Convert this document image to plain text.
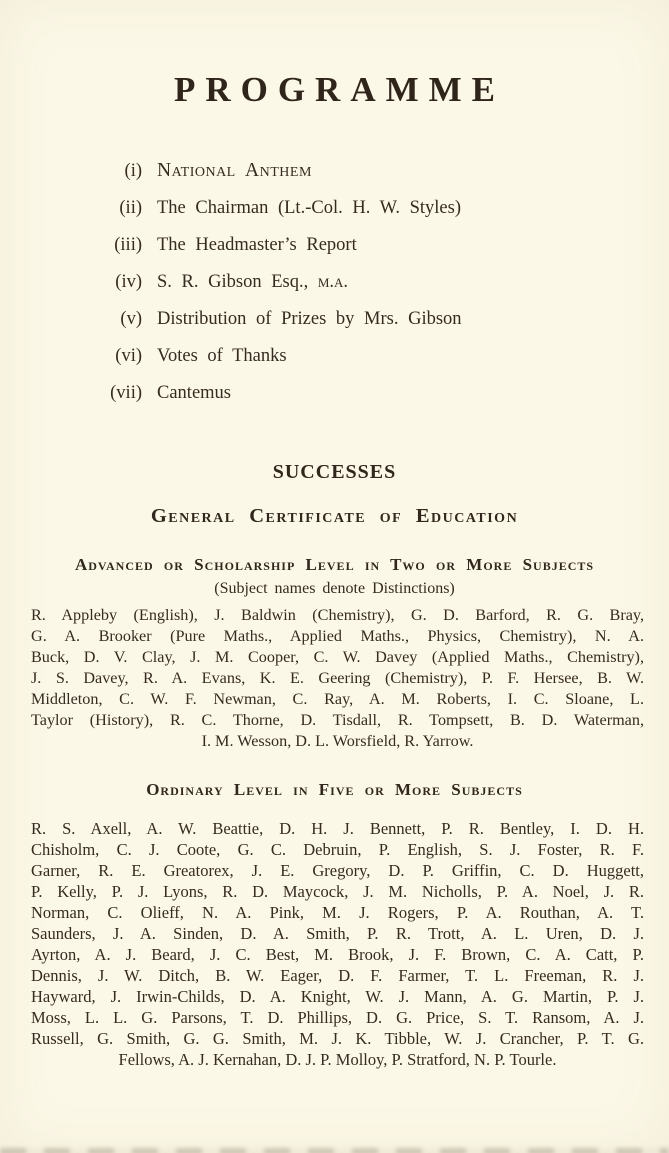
PROGRAMME
(i) National Anthem
(ii) The Chairman (Lt.-Col. H. W. Styles)
(iii) The Headmaster’s Report
(iv) S. R. Gibson Esq., m.a.
(v) Distribution of Prizes by Mrs. Gibson
(vi) Votes of Thanks
(vii) Cantemus
SUCCESSES
General Certificate of Education
Advanced or Scholarship Level in Two or More Subjects
(Subject names denote Distinctions)
R. Appleby (English), J. Baldwin (Chemistry), G. D. Barford, R. G. Bray,
G. A. Brooker (Pure Maths., Applied Maths., Physics, Chemistry), N. A.
Buck, D. V. Clay, J. M. Cooper, C. W. Davey (Applied Maths., Chemistry),
J. S. Davey, R. A. Evans, K. E. Geering (Chemistry), P. F. Hersee, B. W.
Middleton, C. W. F. Newman, C. Ray, A. M. Roberts, I. C. Sloane, L.
Taylor (History), R. C. Thorne, D. Tisdall, R. Tompsett, B. D. Waterman,
I. M. Wesson, D. L. Worsfield, R. Yarrow.
Ordinary Level in Five or More Subjects
R. S. Axell, A. W. Beattie, D. H. J. Bennett, P. R. Bentley, I. D. H.
Chisholm, C. J. Coote, G. C. Debruin, P. English, S. J. Foster, R. F.
Garner, R. E. Greatorex, J. E. Gregory, D. P. Griffin, C. D. Huggett,
P. Kelly, P. J. Lyons, R. D. Maycock, J. M. Nicholls, P. A. Noel, J. R.
Norman, C. Olieff, N. A. Pink, M. J. Rogers, P. A. Routhan, A. T.
Saunders, J. A. Sinden, D. A. Smith, P. R. Trott, A. L. Uren, D. J.
Ayrton, A. J. Beard, J. C. Best, M. Brook, J. F. Brown, C. A. Catt, P.
Dennis, J. W. Ditch, B. W. Eager, D. F. Farmer, T. L. Freeman, R. J.
Hayward, J. Irwin-Childs, D. A. Knight, W. J. Mann, A. G. Martin, P. J.
Moss, L. L. G. Parsons, T. D. Phillips, D. G. Price, S. T. Ransom, A. J.
Russell, G. Smith, G. G. Smith, M. J. K. Tibble, W. J. Crancher, P. T. G.
Fellows, A. J. Kernahan, D. J. P. Molloy, P. Stratford, N. P. Tourle.
